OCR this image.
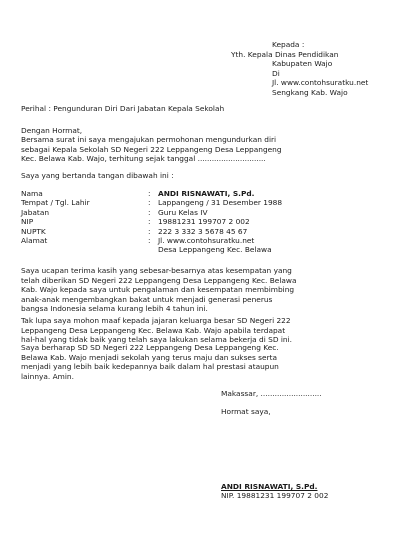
Kepada :
Yth. Kepala Dinas Pendidikan
Kabupaten Wajo
Di
Jl. www.contohsuratku.net
Sengkang Kab. Wajo
Perihal : Pengunduran Diri Dari Jabatan Kepala Sekolah
Dengan Hormat,
Bersama surat ini saya mengajukan permohonan mengundurkan diri
sebagai Kepala Sekolah SD Negeri 222 Leppangeng Desa Leppangeng
Kec. Belawa Kab. Wajo, terhitung sejak tanggal .............................
Saya yang bertanda tangan dibawah ini :
Nama	:	ANDI RISNAWATI, S.Pd.
Tempat / Tgl. Lahir	:	Lappangeng / 31 Desember 1988
Jabatan	:	Guru Kelas IV
NIP	:	19881231 199707 2 002
NUPTK	:	222 3 332 3 5678 45 67
Alamat	:	Jl. www.contohsuratku.net
Desa Leppangeng Kec. Belawa
Saya ucapan terima kasih yang sebesar-besarnya atas kesempatan yang
telah diberikan SD Negeri 222 Leppangeng Desa Leppangeng Kec. Belawa
Kab. Wajo kepada saya untuk pengalaman dan kesempatan membimbing
anak-anak mengembangkan bakat untuk menjadi generasi penerus
bangsa Indonesia selama kurang lebih 4 tahun ini.
Tak lupa saya mohon maaf kepada jajaran keluarga besar SD Negeri 222
Leppangeng Desa Leppangeng Kec. Belawa Kab. Wajo apabila terdapat
hal-hal yang tidak baik yang telah saya lakukan selama bekerja di SD ini.
Saya berharap SD SD Negeri 222 Leppangeng Desa Leppangeng Kec.
Belawa Kab. Wajo menjadi sekolah yang terus maju dan sukses serta
menjadi yang lebih baik kedepannya baik dalam hal prestasi ataupun
lainnya. Amin.
Makassar, ..........................
Hormat saya,
ANDI RISNAWATI, S.Pd.
NIP. 19881231 199707 2 002
